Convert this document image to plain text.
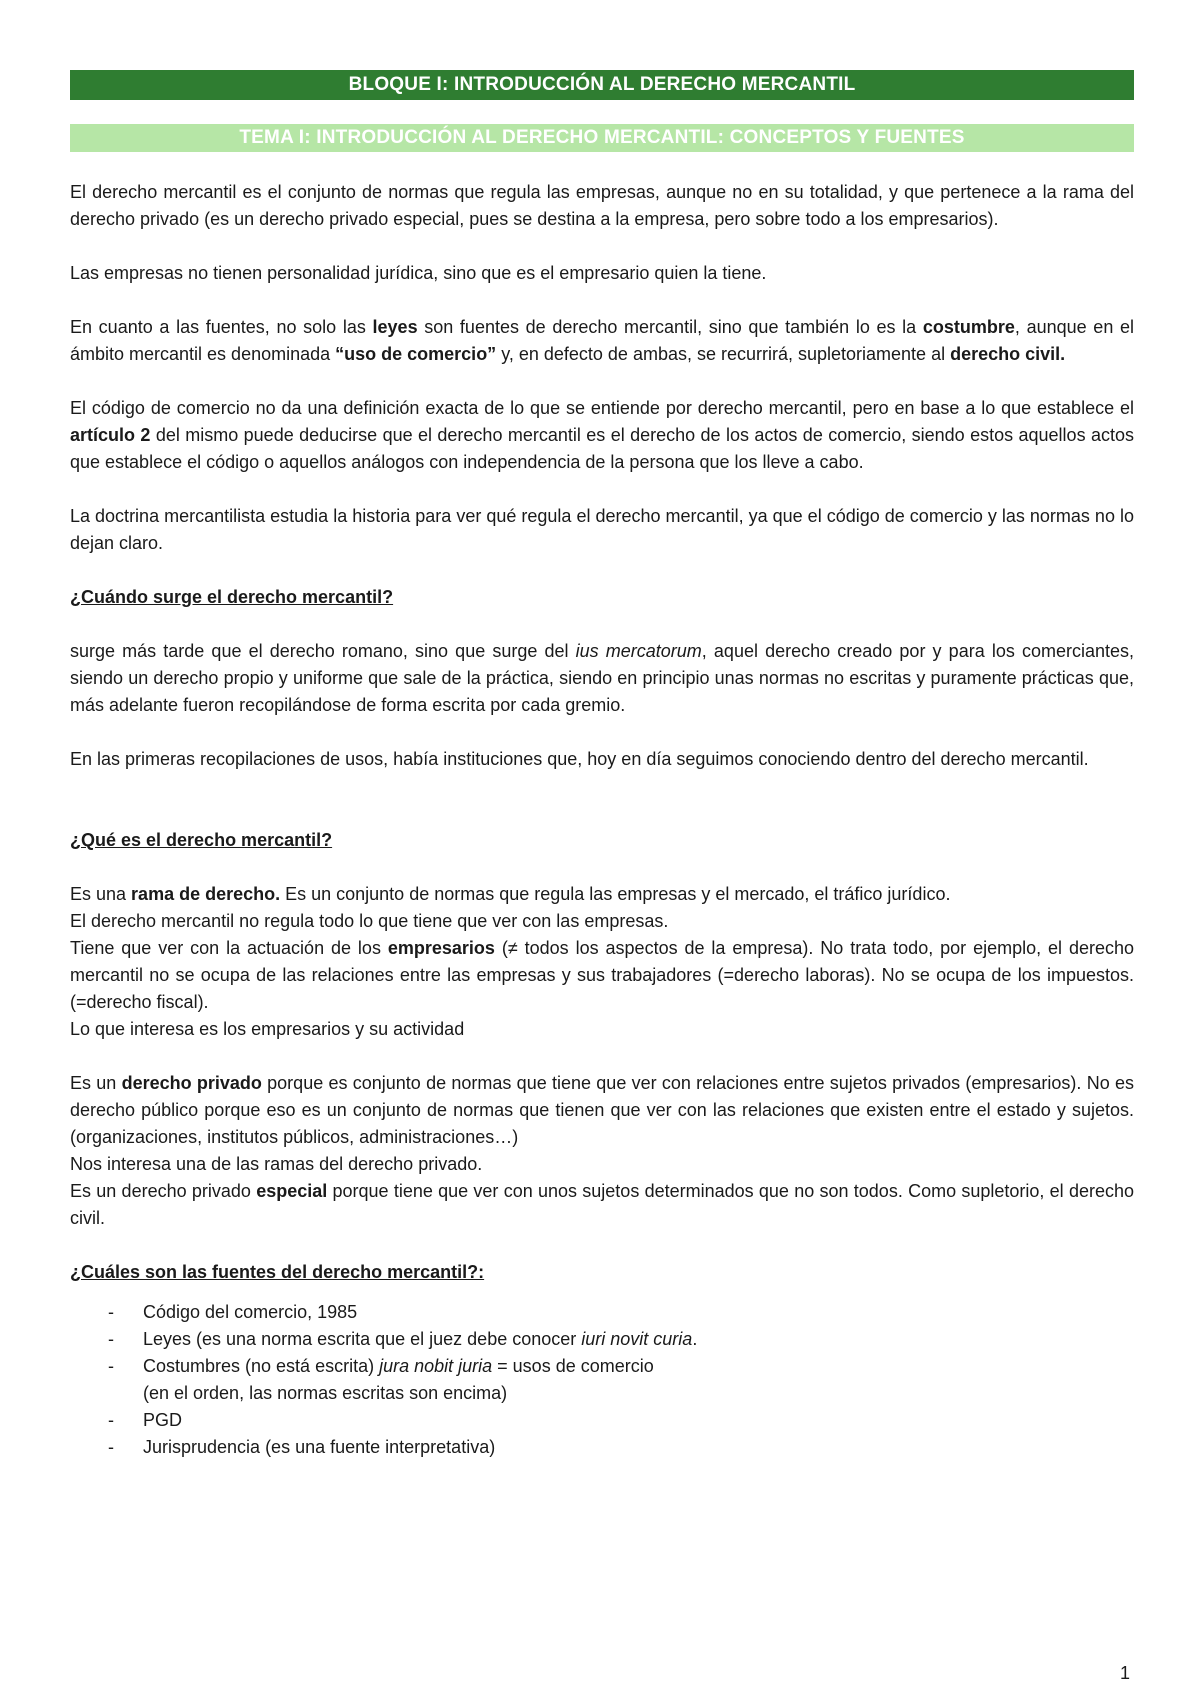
BLOQUE I: INTRODUCCIÓN AL DERECHO MERCANTIL
TEMA I: INTRODUCCIÓN AL DERECHO MERCANTIL: CONCEPTOS Y FUENTES

El derecho mercantil es el conjunto de normas que regula las empresas, aunque no en su totalidad, y que pertenece a la rama del derecho privado (es un derecho privado especial, pues se destina a la empresa, pero sobre todo a los empresarios).

Las empresas no tienen personalidad jurídica, sino que es el empresario quien la tiene.

En cuanto a las fuentes, no solo las leyes son fuentes de derecho mercantil, sino que también lo es la costumbre, aunque en el ámbito mercantil es denominada “uso de comercio” y, en defecto de ambas, se recurrirá, supletoriamente al derecho civil.

El código de comercio no da una definición exacta de lo que se entiende por derecho mercantil, pero en base a lo que establece el artículo 2 del mismo puede deducirse que el derecho mercantil es el derecho de los actos de comercio, siendo estos aquellos actos que establece el código o aquellos análogos con independencia de la persona que los lleve a cabo.

La doctrina mercantilista estudia la historia para ver qué regula el derecho mercantil, ya que el código de comercio y las normas no lo dejan claro.

¿Cuándo surge el derecho mercantil?

surge más tarde que el derecho romano, sino que surge del ius mercatorum, aquel derecho creado por y para los comerciantes, siendo un derecho propio y uniforme que sale de la práctica, siendo en principio unas normas no escritas y puramente prácticas que, más adelante fueron recopilándose de forma escrita por cada gremio.

En las primeras recopilaciones de usos, había instituciones que, hoy en día seguimos conociendo dentro del derecho mercantil.

¿Qué es el derecho mercantil?

Es una rama de derecho. Es un conjunto de normas que regula las empresas y el mercado, el tráfico jurídico.

El derecho mercantil no regula todo lo que tiene que ver con las empresas.

Tiene que ver con la actuación de los empresarios (≠ todos los aspectos de la empresa). No trata todo, por ejemplo, el derecho mercantil no se ocupa de las relaciones entre las empresas y sus trabajadores (=derecho laboras). No se ocupa de los impuestos. (=derecho fiscal).

Lo que interesa es los empresarios y su actividad

Es un derecho privado porque es conjunto de normas que tiene que ver con relaciones entre sujetos privados (empresarios). No es derecho público porque eso es un conjunto de normas que tienen que ver con las relaciones que existen entre el estado y sujetos. (organizaciones, institutos públicos, administraciones…)

Nos interesa una de las ramas del derecho privado.

Es un derecho privado especial porque tiene que ver con unos sujetos determinados que no son todos. Como supletorio, el derecho civil.

¿Cuáles son las fuentes del derecho mercantil?:
- Código del comercio, 1985
- Leyes (es una norma escrita que el juez debe conocer iuri novit curia.
- Costumbres (no está escrita) jura nobit juria = usos de comercio
(en el orden, las normas escritas son encima)
- PGD
- Jurisprudencia (es una fuente interpretativa)
1
